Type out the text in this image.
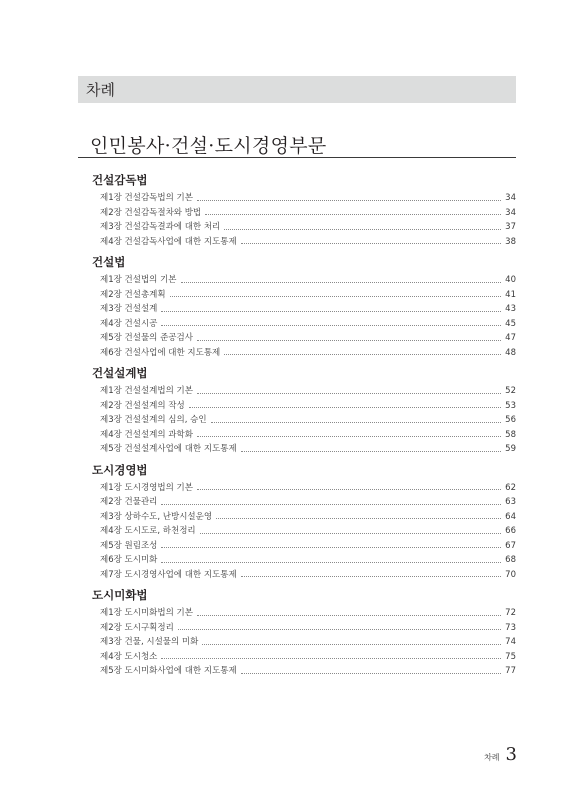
차례
인민봉사·건설·도시경영부문
건설감독법
제1장 건설감독법의 기본	34
제2장 건설감독절차와 방법	34
제3장 건설감독결과에 대한 처리	37
제4장 건설감독사업에 대한 지도통제	38
건설법
제1장 건설법의 기본	40
제2장 건설총계획	41
제3장 건설설계	43
제4장 건설시공	45
제5장 건설물의 준공검사	47
제6장 건설사업에 대한 지도통제	48
건설설계법
제1장 건설설계법의 기본	52
제2장 건설설계의 작성	53
제3장 건설설계의 심의, 승인	56
제4장 건설설계의 과학화	58
제5장 건설설계사업에 대한 지도통제	59
도시경영법
제1장 도시경영법의 기본	62
제2장 건물관리	63
제3장 상하수도, 난방시설운영	64
제4장 도시도로, 하천정리	66
제5장 원림조성	67
제6장 도시미화	68
제7장 도시경영사업에 대한 지도통제	70
도시미화법
제1장 도시미화법의 기본	72
제2장 도시구획정리	73
제3장 건물, 시설물의 미화	74
제4장 도시청소	75
제5장 도시미화사업에 대한 지도통제	77
차례 3
